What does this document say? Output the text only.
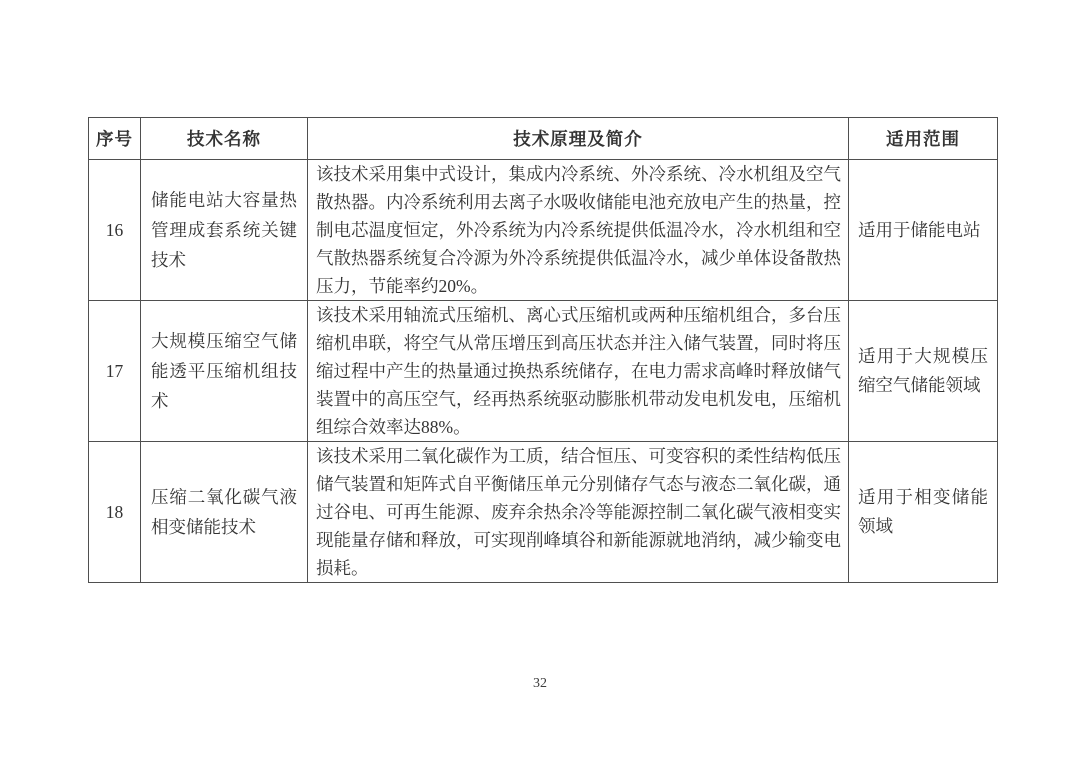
序号	技术名称	技术原理及简介	适用范围
16	储能电站大容量热管理成套系统关键技术	该技术采用集中式设计，集成内冷系统、外冷系统、冷水机组及空气散热器。内冷系统利用去离子水吸收储能电池充放电产生的热量，控制电芯温度恒定，外冷系统为内冷系统提供低温冷水，冷水机组和空气散热器系统复合冷源为外冷系统提供低温冷水，减少单体设备散热压力，节能率约20%。	适用于储能电站
17	大规模压缩空气储能透平压缩机组技术	该技术采用轴流式压缩机、离心式压缩机或两种压缩机组合，多台压缩机串联，将空气从常压增压到高压状态并注入储气装置，同时将压缩过程中产生的热量通过换热系统储存，在电力需求高峰时释放储气装置中的高压空气，经再热系统驱动膨胀机带动发电机发电，压缩机组综合效率达88%。	适用于大规模压缩空气储能领域
18	压缩二氧化碳气液相变储能技术	该技术采用二氧化碳作为工质，结合恒压、可变容积的柔性结构低压储气装置和矩阵式自平衡储压单元分别储存气态与液态二氧化碳，通过谷电、可再生能源、废弃余热余冷等能源控制二氧化碳气液相变实现能量存储和释放，可实现削峰填谷和新能源就地消纳，减少输变电损耗。	适用于相变储能领域
32
